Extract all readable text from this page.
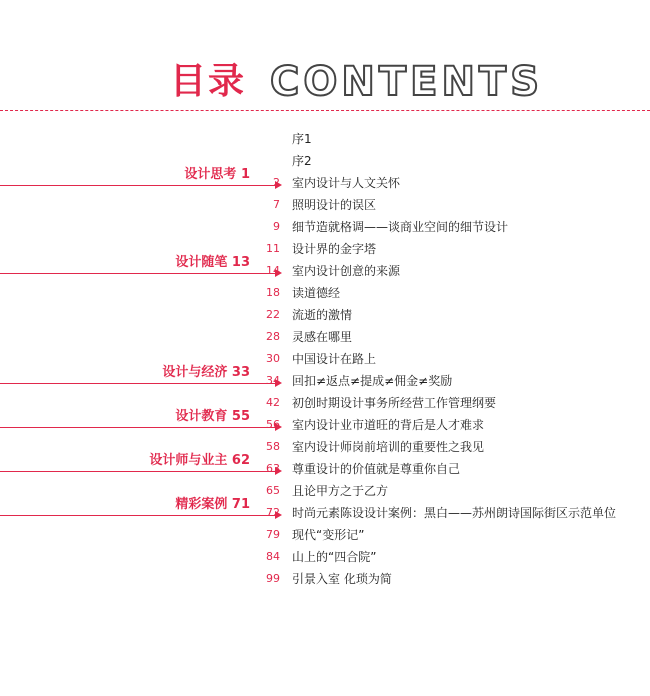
目录 CONTENTS
序1
序2
2 室内设计与人文关怀
7 照明设计的误区
9 细节造就格调——谈商业空间的细节设计
11 设计界的金字塔
14 室内设计创意的来源
18 读道德经
22 流逝的激情
28 灵感在哪里
30 中国设计在路上
34 回扣≠返点≠提成≠佣金≠奖励
42 初创时期设计事务所经营工作管理纲要
56 室内设计业市道旺的背后是人才难求
58 室内设计师岗前培训的重要性之我见
63 尊重设计的价值就是尊重你自己
65 且论甲方之于乙方
72 时尚元素陈设设计案例：黑白——苏州朗诗国际街区示范单位
79 现代“变形记”
84 山上的“四合院”
99 引景入室 化琐为简
设计思考 1
设计随笔 13
设计与经济 33
设计教育 55
设计师与业主 62
精彩案例 71
